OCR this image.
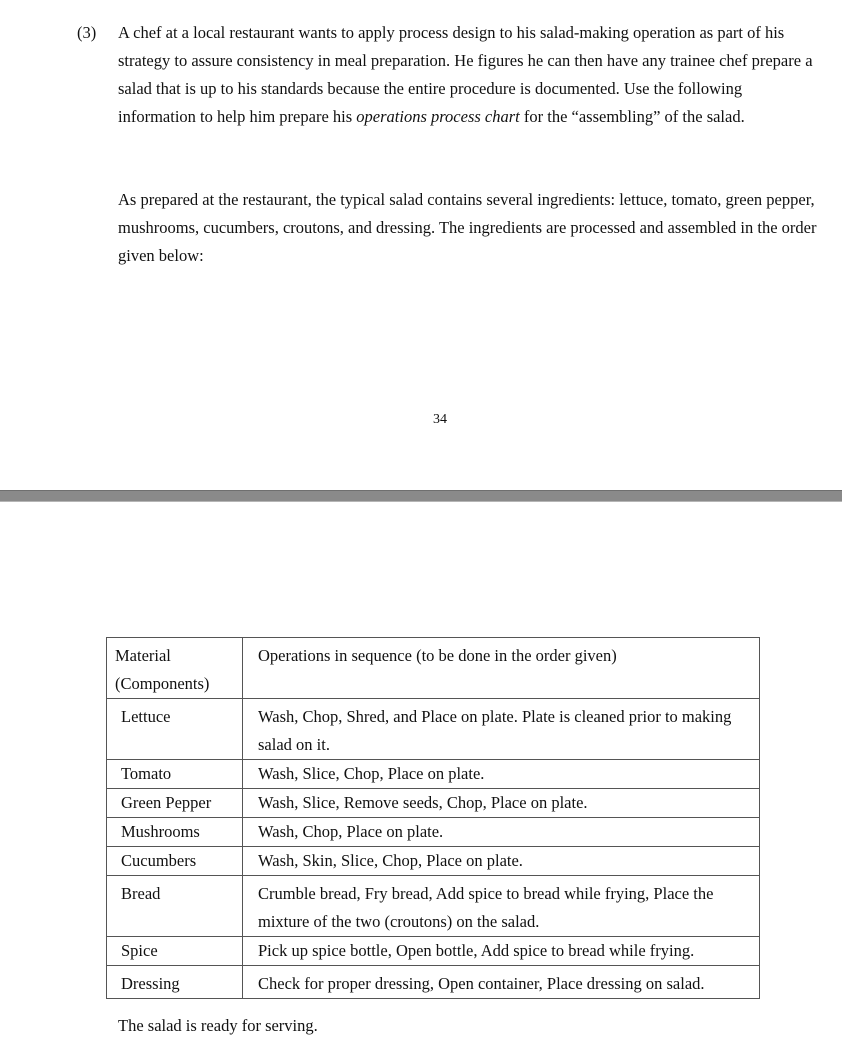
(3) A chef at a local restaurant wants to apply process design to his salad-making operation as part of his strategy to assure consistency in meal preparation. He figures he can then have any trainee chef prepare a salad that is up to his standards because the entire procedure is documented. Use the following information to help him prepare his operations process chart for the “assembling” of the salad.

As prepared at the restaurant, the typical salad contains several ingredients: lettuce, tomato, green pepper, mushrooms, cucumbers, croutons, and dressing. The ingredients are processed and assembled in the order given below:

34
Material (Components)	Operations in sequence (to be done in the order given)
Lettuce	Wash, Chop, Shred, and Place on plate. Plate is cleaned prior to making salad on it.
Tomato	Wash, Slice, Chop, Place on plate.
Green Pepper	Wash, Slice, Remove seeds, Chop, Place on plate.
Mushrooms	Wash, Chop, Place on plate.
Cucumbers	Wash, Skin, Slice, Chop, Place on plate.
Bread	Crumble bread, Fry bread, Add spice to bread while frying, Place the mixture of the two (croutons) on the salad.
Spice	Pick up spice bottle, Open bottle, Add spice to bread while frying.
Dressing	Check for proper dressing, Open container, Place dressing on salad.
The salad is ready for serving.
